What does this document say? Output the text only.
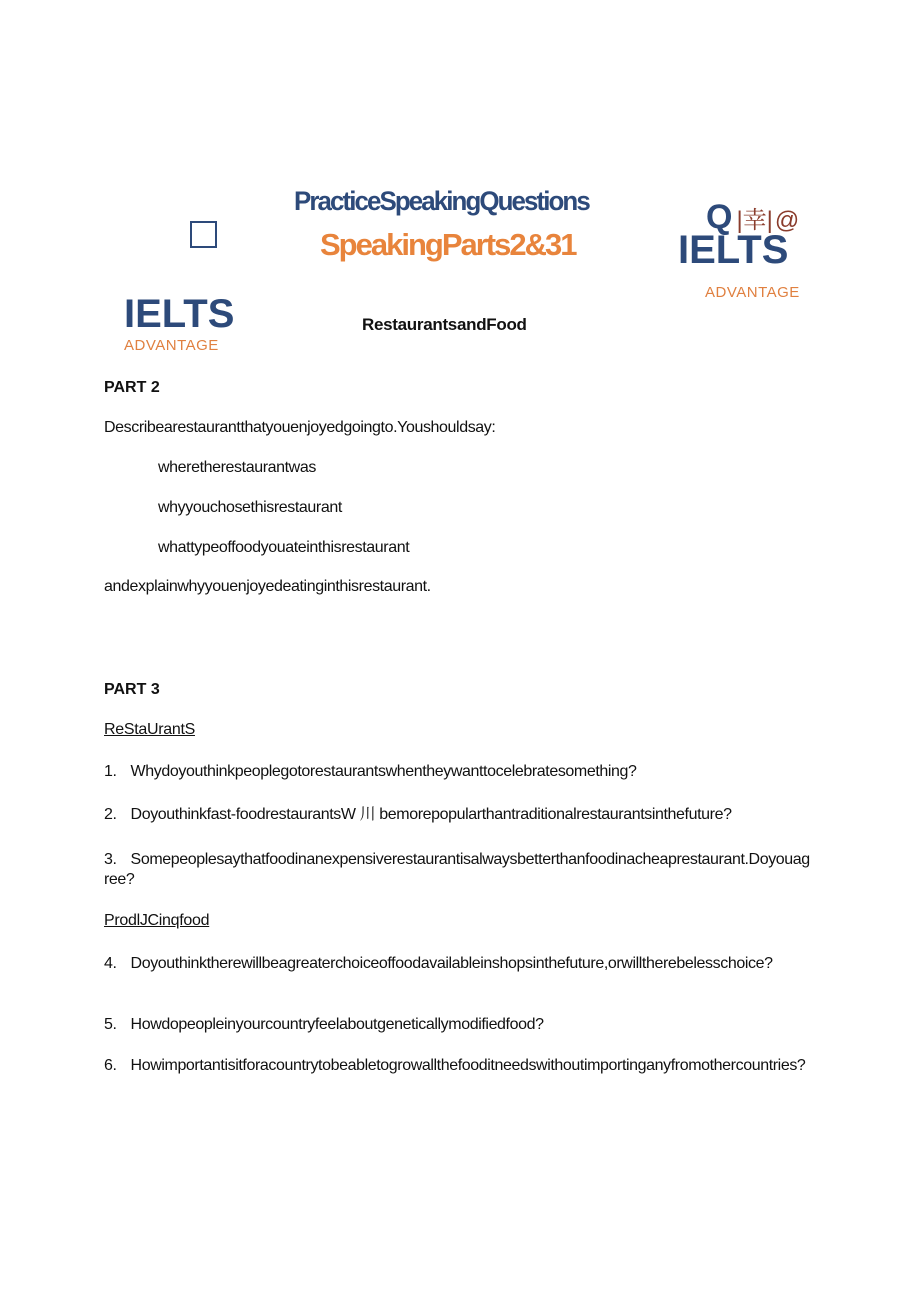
PracticeSpeakingQuestions
SpeakingParts2&31
Q |幸|@
IELTS
ADVANTAGE
IELTS
ADVANTAGE
RestaurantsandFood
PART 2
Describearestaurantthatyouenjoyedgoingto.Youshouldsay:
wheretherestaurantwas
whyyouchosethisrestaurant
whattypeoffoodyouateinthisrestaurant
andexplainwhyyouenjoyedeatinginthisrestaurant.
PART 3
ReStaUrantS
1. Whydoyouthinkpeoplegotorestaurantswhentheywanttocelebratesomething?
2. Doyouthinkfast-foodrestaurantsW 川 bemorepopularthantraditionalrestaurantsinthefuture?
3. Somepeoplesaythatfoodinanexpensiverestaurantisalwaysbetterthanfoodinacheaprestaurant.Doyouagree?
ProdlJCinqfood
4. Doyouthinktherewillbeagreaterchoiceoffoodavailableinshopsinthefuture,orwilltherebelesschoice?
5. Howdopeopleinyourcountryfeelaboutgeneticallymodifiedfood?
6. Howimportantisitforacountrytobeabletogrowallthefooditneedswithoutimportinganyfromothercountries?
